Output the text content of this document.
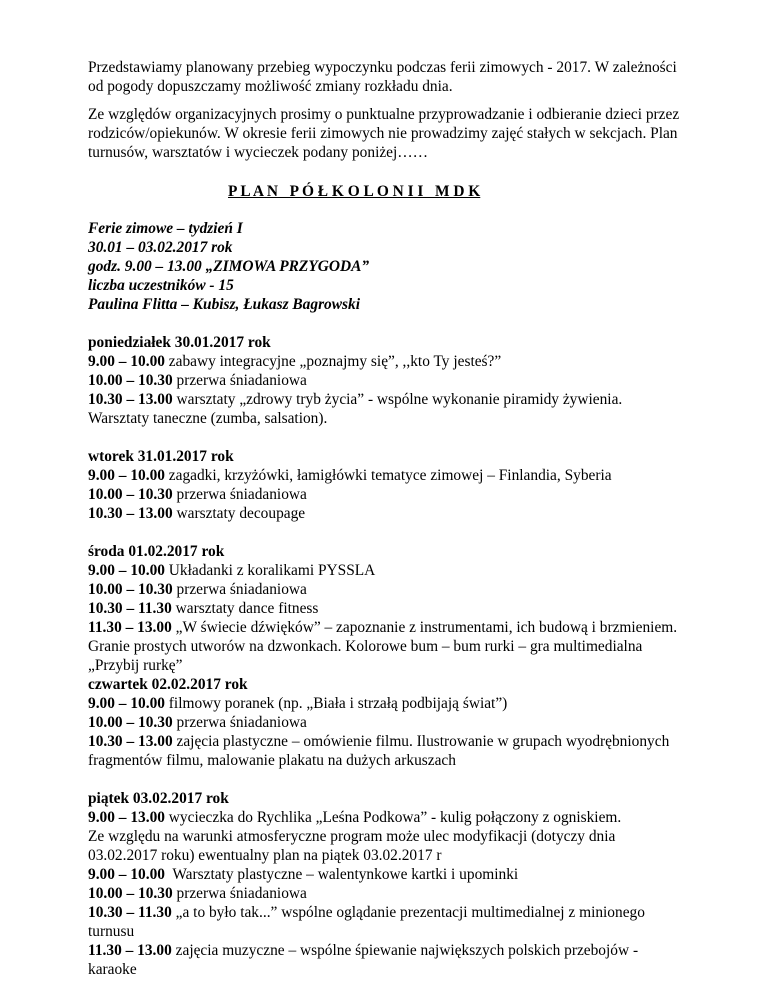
Przedstawiamy planowany przebieg wypoczynku podczas ferii zimowych - 2017. W zależności od pogody dopuszczamy możliwość zmiany rozkładu dnia.

Ze względów organizacyjnych prosimy o punktualne przyprowadzanie i odbieranie dzieci przez rodziców/opiekunów. W okresie ferii zimowych nie prowadzimy zajęć stałych w sekcjach. Plan turnusów, warsztatów i wycieczek podany poniżej……

P L A N   P Ó Ł K O L O N I I   M D K
Ferie zimowe – tydzień I
30.01 – 03.02.2017 rok
godz. 9.00 – 13.00 „ZIMOWA PRZYGODA”
liczba uczestników - 15
Paulina Flitta – Kubisz, Łukasz Bagrowski
poniedziałek 30.01.2017 rok
9.00 – 10.00 zabawy integracyjne „poznajmy się”, ,,kto Ty jesteś?”
10.00 – 10.30 przerwa śniadaniowa
10.30 – 13.00 warsztaty „zdrowy tryb życia” - wspólne wykonanie piramidy żywienia.
Warsztaty taneczne (zumba, salsation).
wtorek 31.01.2017 rok
9.00 – 10.00 zagadki, krzyżówki, łamigłówki tematyce zimowej – Finlandia, Syberia
10.00 – 10.30 przerwa śniadaniowa
10.30 – 13.00 warsztaty decoupage
środa 01.02.2017 rok
9.00 – 10.00 Układanki z koralikami PYSSLA
10.00 – 10.30 przerwa śniadaniowa
10.30 – 11.30 warsztaty dance fitness
11.30 – 13.00 „W świecie dźwięków” – zapoznanie z instrumentami, ich budową i brzmieniem.
Granie prostych utworów na dzwonkach. Kolorowe bum – bum rurki – gra multimedialna
„Przybij rurkę”
czwartek 02.02.2017 rok
9.00 – 10.00 filmowy poranek (np. „Biała i strzałą podbijają świat”)
10.00 – 10.30 przerwa śniadaniowa
10.30 – 13.00 zajęcia plastyczne – omówienie filmu. Ilustrowanie w grupach wyodrębnionych
fragmentów filmu, malowanie plakatu na dużych arkuszach
piątek 03.02.2017 rok
9.00 – 13.00 wycieczka do Rychlika „Leśna Podkowa” - kulig połączony z ogniskiem.
Ze względu na warunki atmosferyczne program może ulec modyfikacji (dotyczy dnia
03.02.2017 roku) ewentualny plan na piątek 03.02.2017 r
9.00 – 10.00  Warsztaty plastyczne – walentynkowe kartki i upominki
10.00 – 10.30 przerwa śniadaniowa
10.30 – 11.30 „a to było tak...” wspólne oglądanie prezentacji multimedialnej z minionego
turnusu
11.30 – 13.00 zajęcia muzyczne – wspólne śpiewanie największych polskich przebojów -
karaoke
